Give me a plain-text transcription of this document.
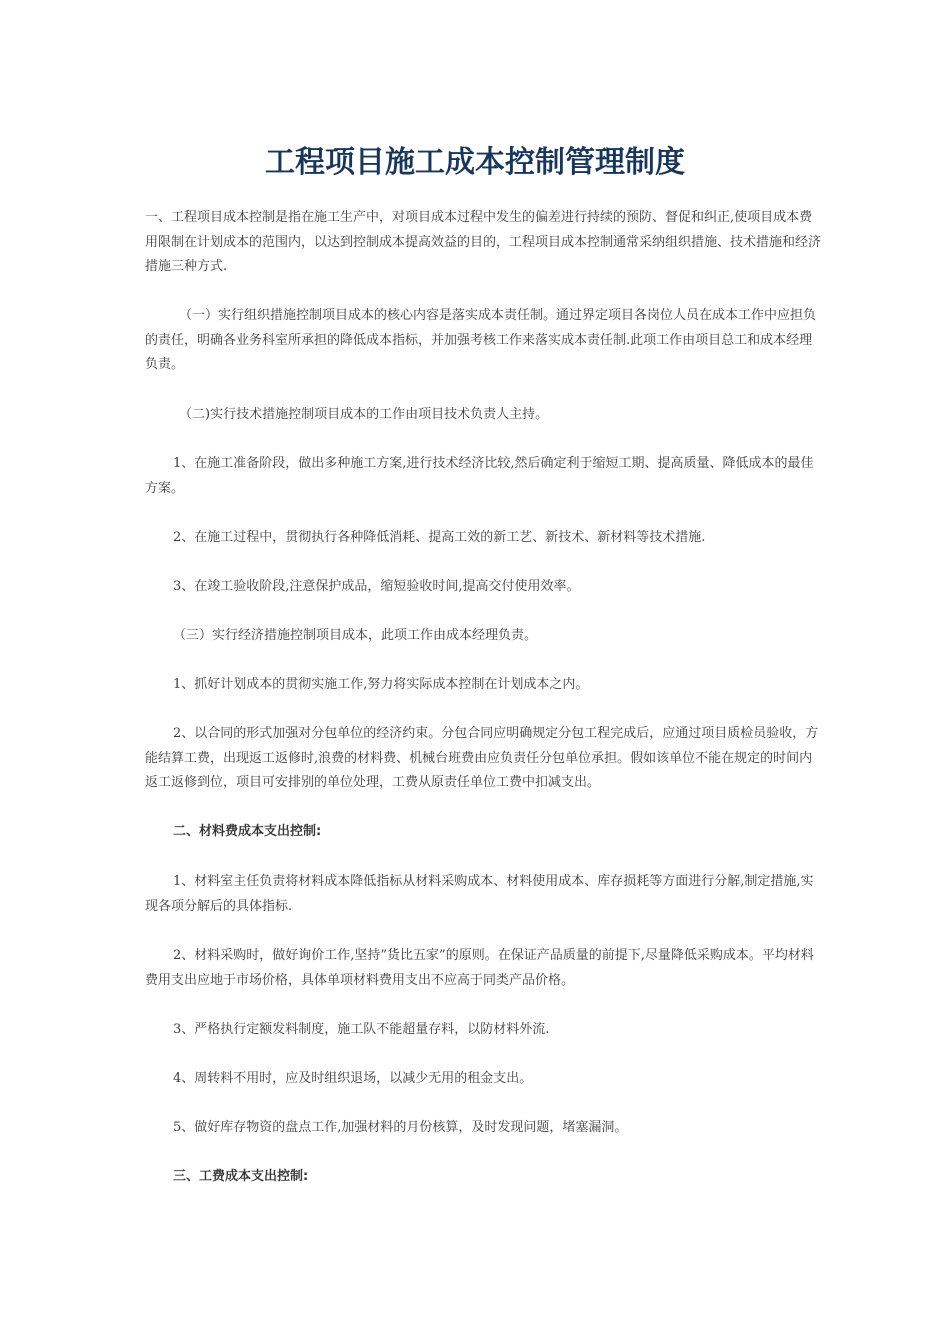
工程项目施工成本控制管理制度

一、工程项目成本控制是指在施工生产中，对项目成本过程中发生的偏差进行持续的预防、督促和纠正,使项目成本费用限制在计划成本的范围内，以达到控制成本提高效益的目的，工程项目成本控制通常采纳组织措施、技术措施和经济措施三种方式.

（一）实行组织措施控制项目成本的核心内容是落实成本责任制。通过界定项目各岗位人员在成本工作中应担负的责任，明确各业务科室所承担的降低成本指标，并加强考核工作来落实成本责任制.此项工作由项目总工和成本经理负责。

（二)实行技术措施控制项目成本的工作由项目技术负责人主持。

1、在施工准备阶段，做出多种施工方案,进行技术经济比较,然后确定利于缩短工期、提高质量、降低成本的最佳方案。

2、在施工过程中，贯彻执行各种降低消耗、提高工效的新工艺、新技术、新材料等技术措施.

3、在竣工验收阶段,注意保护成品，缩短验收时间,提高交付使用效率。

（三）实行经济措施控制项目成本，此项工作由成本经理负责。

1、抓好计划成本的贯彻实施工作,努力将实际成本控制在计划成本之内。

2、以合同的形式加强对分包单位的经济约束。分包合同应明确规定分包工程完成后，应通过项目质检员验收，方能结算工费，出现返工返修时,浪费的材料费、机械台班费由应负责任分包单位承担。假如该单位不能在规定的时间内返工返修到位，项目可安排别的单位处理，工费从原责任单位工费中扣减支出。

二、材料费成本支出控制:

1、材料室主任负责将材料成本降低指标从材料采购成本、材料使用成本、库存损耗等方面进行分解,制定措施,实现各项分解后的具体指标.

2、材料采购时，做好询价工作,坚持”货比五家”的原则。在保证产品质量的前提下,尽量降低采购成本。平均材料费用支出应地于市场价格，具体单项材料费用支出不应高于同类产品价格。

3、严格执行定额发料制度，施工队不能超量存料，以防材料外流.

4、周转料不用时，应及时组织退场，以减少无用的租金支出。

5、做好库存物资的盘点工作,加强材料的月份核算，及时发现问题，堵塞漏洞。

三、工费成本支出控制:
